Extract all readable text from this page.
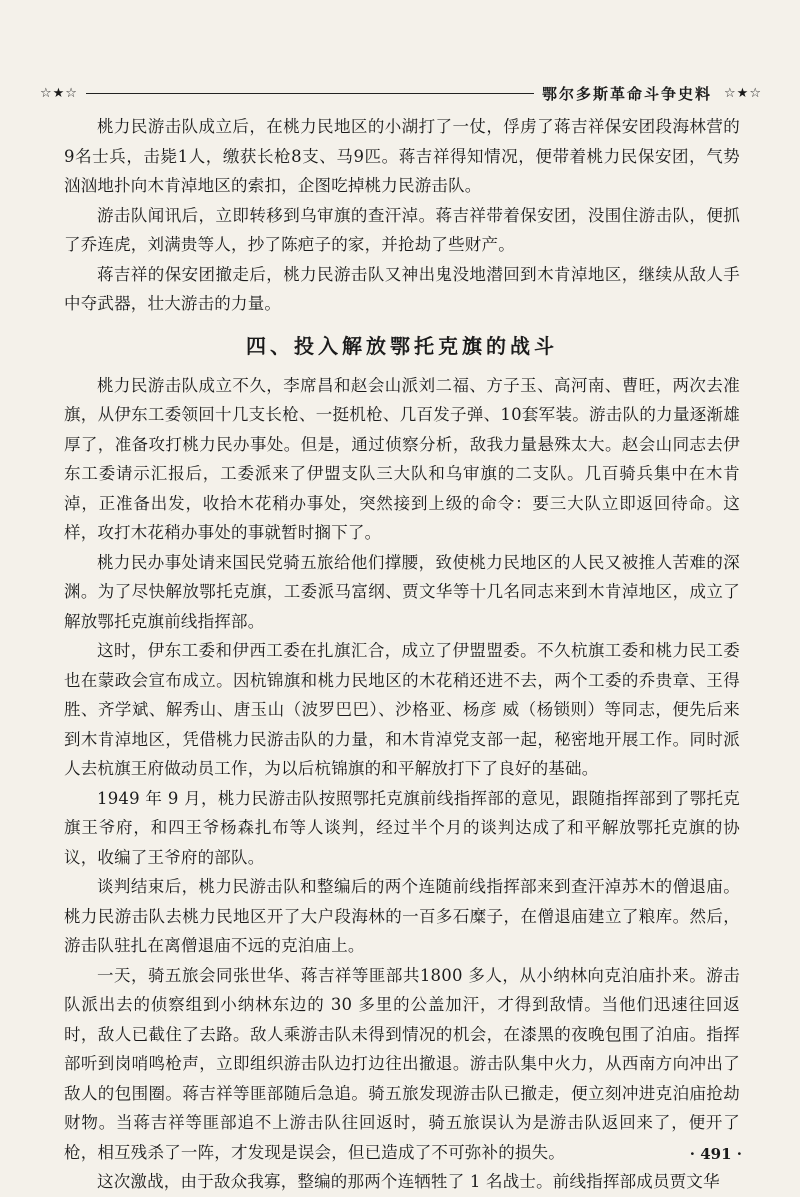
☆★☆	鄂尔多斯革命斗争史料 ☆★☆

桃力民游击队成立后，在桃力民地区的小湖打了一仗，俘虏了蒋吉祥保安团段海林营的9名士兵，击毙1人，缴获长枪8支、马9匹。蒋吉祥得知情况，便带着桃力民保安团，气势汹汹地扑向木肯淖地区的索扣，企图吃掉桃力民游击队。

游击队闻讯后，立即转移到乌审旗的查汗淖。蒋吉祥带着保安团，没围住游击队，便抓了乔连虎，刘满贵等人，抄了陈疤子的家，并抢劫了些财产。

蒋吉祥的保安团撤走后，桃力民游击队又神出鬼没地潜回到木肯淖地区，继续从敌人手中夺武器，壮大游击的力量。

四、投入解放鄂托克旗的战斗

桃力民游击队成立不久，李席昌和赵会山派刘二福、方子玉、高河南、曹旺，两次去准旗，从伊东工委领回十几支长枪、一挺机枪、几百发子弹、10套军装。游击队的力量逐渐雄厚了，准备攻打桃力民办事处。但是，通过侦察分析，敌我力量悬殊太大。赵会山同志去伊东工委请示汇报后，工委派来了伊盟支队三大队和乌审旗的二支队。几百骑兵集中在木肯淖，正准备出发，收拾木花稍办事处，突然接到上级的命令：要三大队立即返回待命。这样，攻打木花稍办事处的事就暂时搁下了。

桃力民办事处请来国民党骑五旅给他们撑腰，致使桃力民地区的人民又被推人苦难的深渊。为了尽快解放鄂托克旗，工委派马富纲、贾文华等十几名同志来到木肯淖地区，成立了解放鄂托克旗前线指挥部。

这时，伊东工委和伊西工委在扎旗汇合，成立了伊盟盟委。不久杭旗工委和桃力民工委也在蒙政会宣布成立。因杭锦旗和桃力民地区的木花稍还进不去，两个工委的乔贵章、王得 胜、齐学斌、解秀山、唐玉山（波罗巴巴）、沙格亚、杨彦 威（杨锁则）等同志，便先后来到木肯淖地区，凭借桃力民游击队的力量，和木肯淖党支部一起，秘密地开展工作。同时派人去杭旗王府做动员工作，为以后杭锦旗的和平解放打下了良好的基础。

1949 年 9 月，桃力民游击队按照鄂托克旗前线指挥部的意见，跟随指挥部到了鄂托克旗王爷府，和四王爷杨森扎布等人谈判，经过半个月的谈判达成了和平解放鄂托克旗的协议，收编了王爷府的部队。

谈判结束后，桃力民游击队和整编后的两个连随前线指挥部来到查汗淖苏木的僧退庙。桃力民游击队去桃力民地区开了大户段海林的一百多石糜子，在僧退庙建立了粮库。然后，游击队驻扎在离僧退庙不远的克泊庙上。

一天，骑五旅会同张世华、蒋吉祥等匪部共1800 多人，从小纳林向克泊庙扑来。游击队派出去的侦察组到小纳林东边的 30 多里的公盖加汗，才得到敌情。当他们迅速往回返时，敌人已截住了去路。敌人乘游击队未得到情况的机会，在漆黑的夜晚包围了泊庙。指挥部听到岗哨鸣枪声，立即组织游击队边打边往出撤退。游击队集中火力，从西南方向冲出了敌人的包围圈。蒋吉祥等匪部随后急追。骑五旅发现游击队已撤走，便立刻冲进克泊庙抢劫财物。当蒋吉祥等匪部追不上游击队往回返时，骑五旅误认为是游击队返回来了，便开了枪，相互残杀了一阵，才发现是误会，但已造成了不可弥补的损失。

这次激战，由于敌众我寡，整编的那两个连牺牲了 1 名战士。前线指挥部成员贾文华

· 491 ·
